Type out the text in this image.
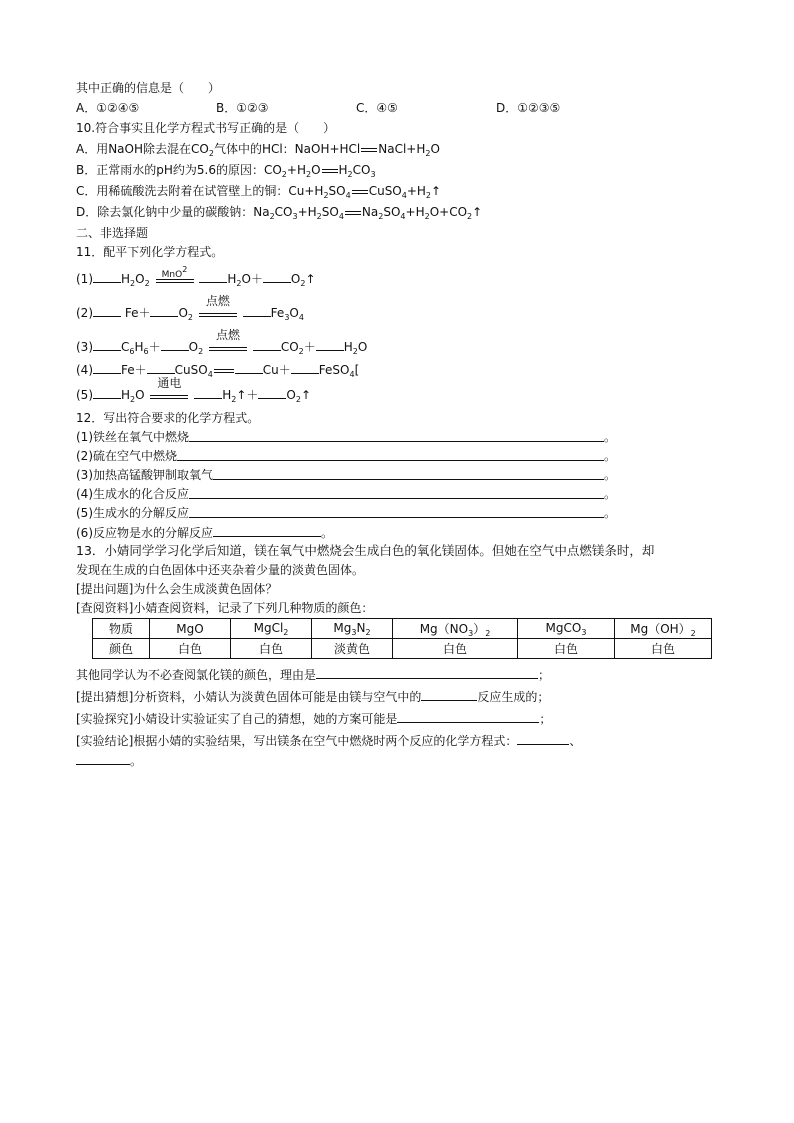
其中正确的信息是（　　）
A．①②④⑤	B．①②③	C．④⑤	D．①②③⑤
10.符合事实且化学方程式书写正确的是（　　）
A．用NaOH除去混在$CO_2$气体中的HCl：NaOH+HCl $NaCl+H_2O$
B．正常雨水的pH约为5.6的原因：$CO_2+H_2O$ $H_2CO_3$
C．用稀硫酸洗去附着在试管壁上的铜：$Cu+H_2SO_4$ $CuSO_4+H_2↑$
D．除去氯化钠中少量的碳酸钠：$Na_2CO_3+H_2SO_4$ $Na_2SO_4+H_2O+CO_2↑$
二、非选择题
11．配平下列化学方程式。
(1) $H_2O_2$
MnO2
$H_2O+$ $O_2↑$
(2)	$Fe+ O_2$
点燃
$Fe_3O_4$
(3) $C_6H_6+ O_2$
点燃
$CO_2+ H_2O$
(4) Fe＋ CuSO$_4$	Cu＋ FeSO$_4$[
(5) $H_2O$
通电
$H_2↑+$ $O_2↑$
12．写出符合要求的化学方程式。
(1)铁丝在氧气中燃烧	。
(2)硫在空气中燃烧	。
(3)加热高锰酸钾制取氧气	。
(4)生成水的化合反应	。
(5)生成水的分解反应	。
(6)反应物是水的分解反应	。
13．小婧同学学习化学后知道，镁在氧气中燃烧会生成白色的氧化镁固体。但她在空气中点燃镁条时，却
发现在生成的白色固体中还夹杂着少量的淡黄色固体。
[提出问题]为什么会生成淡黄色固体？
[查阅资料]小婧查阅资料，记录了下列几种物质的颜色：
物质	MgO	MgCl$_2$	$Mg_3N_2$	$Mg(NO_3)_2$	MgCO$_3$	$Mg(OH)_2$
颜色	白色	白色	淡黄色	白色	白色	白色
其他同学认为不必查阅氯化镁的颜色，理由是	；
[提出猜想]分析资料，小婧认为淡黄色固体可能是由镁与空气中的	反应生成的；
[实验探究]小婧设计实验证实了自己的猜想，她的方案可能是	；
[实验结论]根据小婧的实验结果，写出镁条在空气中燃烧时两个反应的化学方程式：	、
。
